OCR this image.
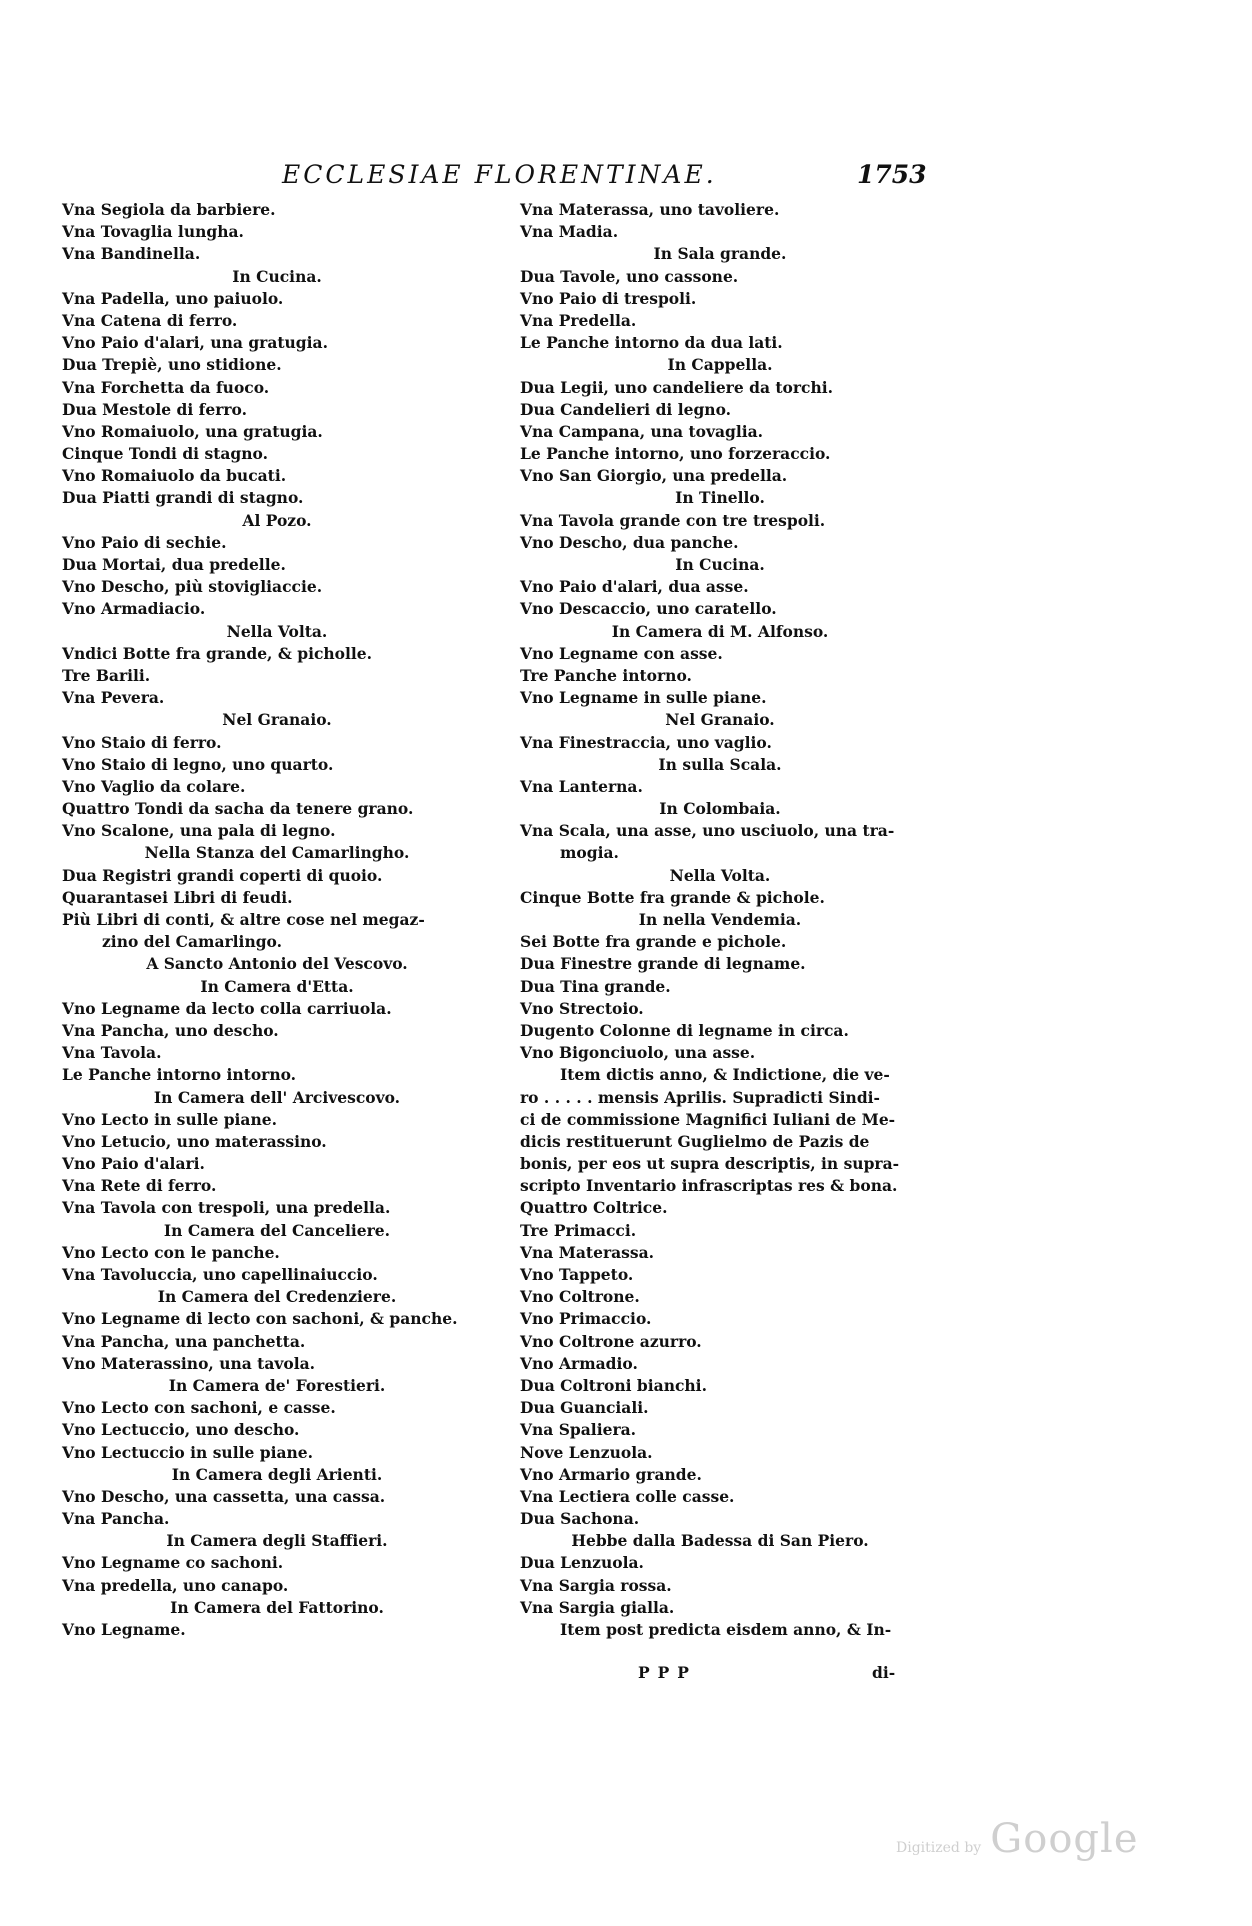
ECCLESIAE FLORENTINAE.	1753
Vna Segiola da barbiere.
Vna Tovaglia lungha.
Vna Bandinella.
In Cucina.
Vna Padella, uno paiuolo.
Vna Catena di ferro.
Vno Paio d'alari, una gratugia.
Dua Trepiè, uno stidione.
Vna Forchetta da fuoco.
Dua Mestole di ferro.
Vno Romaiuolo, una gratugia.
Cinque Tondi di stagno.
Vno Romaiuolo da bucati.
Dua Piatti grandi di stagno.
Al Pozo.
Vno Paio di sechie.
Dua Mortai, dua predelle.
Vno Descho, più stovigliaccie.
Vno Armadiacio.
Nella Volta.
Vndici Botte fra grande, & picholle.
Tre Barili.
Vna Pevera.
Nel Granaio.
Vno Staio di ferro.
Vno Staio di legno, uno quarto.
Vno Vaglio da colare.
Quattro Tondi da sacha da tenere grano.
Vno Scalone, una pala di legno.
Nella Stanza del Camarlingho.
Dua Registri grandi coperti di quoio.
Quarantasei Libri di feudi.
Più Libri di conti, & altre cose nel megaz-
zino del Camarlingo.
A Sancto Antonio del Vescovo.
In Camera d'Etta.
Vno Legname da lecto colla carriuola.
Vna Pancha, uno descho.
Vna Tavola.
Le Panche intorno intorno.
In Camera dell' Arcivescovo.
Vno Lecto in sulle piane.
Vno Letucio, uno materassino.
Vno Paio d'alari.
Vna Rete di ferro.
Vna Tavola con trespoli, una predella.
In Camera del Canceliere.
Vno Lecto con le panche.
Vna Tavoluccia, uno capellinaiuccio.
In Camera del Credenziere.
Vno Legname di lecto con sachoni, & panche.
Vna Pancha, una panchetta.
Vno Materassino, una tavola.
In Camera de' Forestieri.
Vno Lecto con sachoni, e casse.
Vno Lectuccio, uno descho.
Vno Lectuccio in sulle piane.
In Camera degli Arienti.
Vno Descho, una cassetta, una cassa.
Vna Pancha.
In Camera degli Staffieri.
Vno Legname co sachoni.
Vna predella, uno canapo.
In Camera del Fattorino.
Vno Legname.
Vna Materassa, uno tavoliere.
Vna Madia.
In Sala grande.
Dua Tavole, uno cassone.
Vno Paio di trespoli.
Vna Predella.
Le Panche intorno da dua lati.
In Cappella.
Dua Legii, uno candeliere da torchi.
Dua Candelieri di legno.
Vna Campana, una tovaglia.
Le Panche intorno, uno forzeraccio.
Vno San Giorgio, una predella.
In Tinello.
Vna Tavola grande con tre trespoli.
Vno Descho, dua panche.
In Cucina.
Vno Paio d'alari, dua asse.
Vno Descaccio, uno caratello.
In Camera di M. Alfonso.
Vno Legname con asse.
Tre Panche intorno.
Vno Legname in sulle piane.
Nel Granaio.
Vna Finestraccia, uno vaglio.
In sulla Scala.
Vna Lanterna.
In Colombaia.
Vna Scala, una asse, uno usciuolo, una tra-
mogia.
Nella Volta.
Cinque Botte fra grande & pichole.
In nella Vendemia.
Sei Botte fra grande e pichole.
Dua Finestre grande di legname.
Dua Tina grande.
Vno Strectoio.
Dugento Colonne di legname in circa.
Vno Bigonciuolo, una asse.
Item dictis anno, & Indictione, die ve-
ro . . . . . mensis Aprilis. Supradicti Sindi-
ci de commissione Magnifici Iuliani de Me-
dicis restituerunt Guglielmo de Pazis de
bonis, per eos ut supra descriptis, in supra-
scripto Inventario infrascriptas res & bona.
Quattro Coltrice.
Tre Primacci.
Vna Materassa.
Vno Tappeto.
Vno Coltrone.
Vno Primaccio.
Vno Coltrone azurro.
Vno Armadio.
Dua Coltroni bianchi.
Dua Guanciali.
Vna Spaliera.
Nove Lenzuola.
Vno Armario grande.
Vna Lectiera colle casse.
Dua Sachona.
Hebbe dalla Badessa di San Piero.
Dua Lenzuola.
Vna Sargia rossa.
Vna Sargia gialla.
Item post predicta eisdem anno, & In-
PPP	di-
Digitized by Google
